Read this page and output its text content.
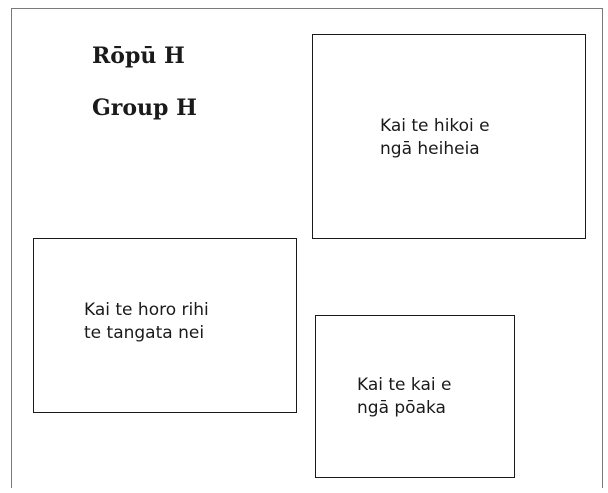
Rōpū H
Group H

Kai te hikoi e
ngā heiheia

Kai te horo rihi
te tangata nei

Kai te kai e
ngā pōaka
